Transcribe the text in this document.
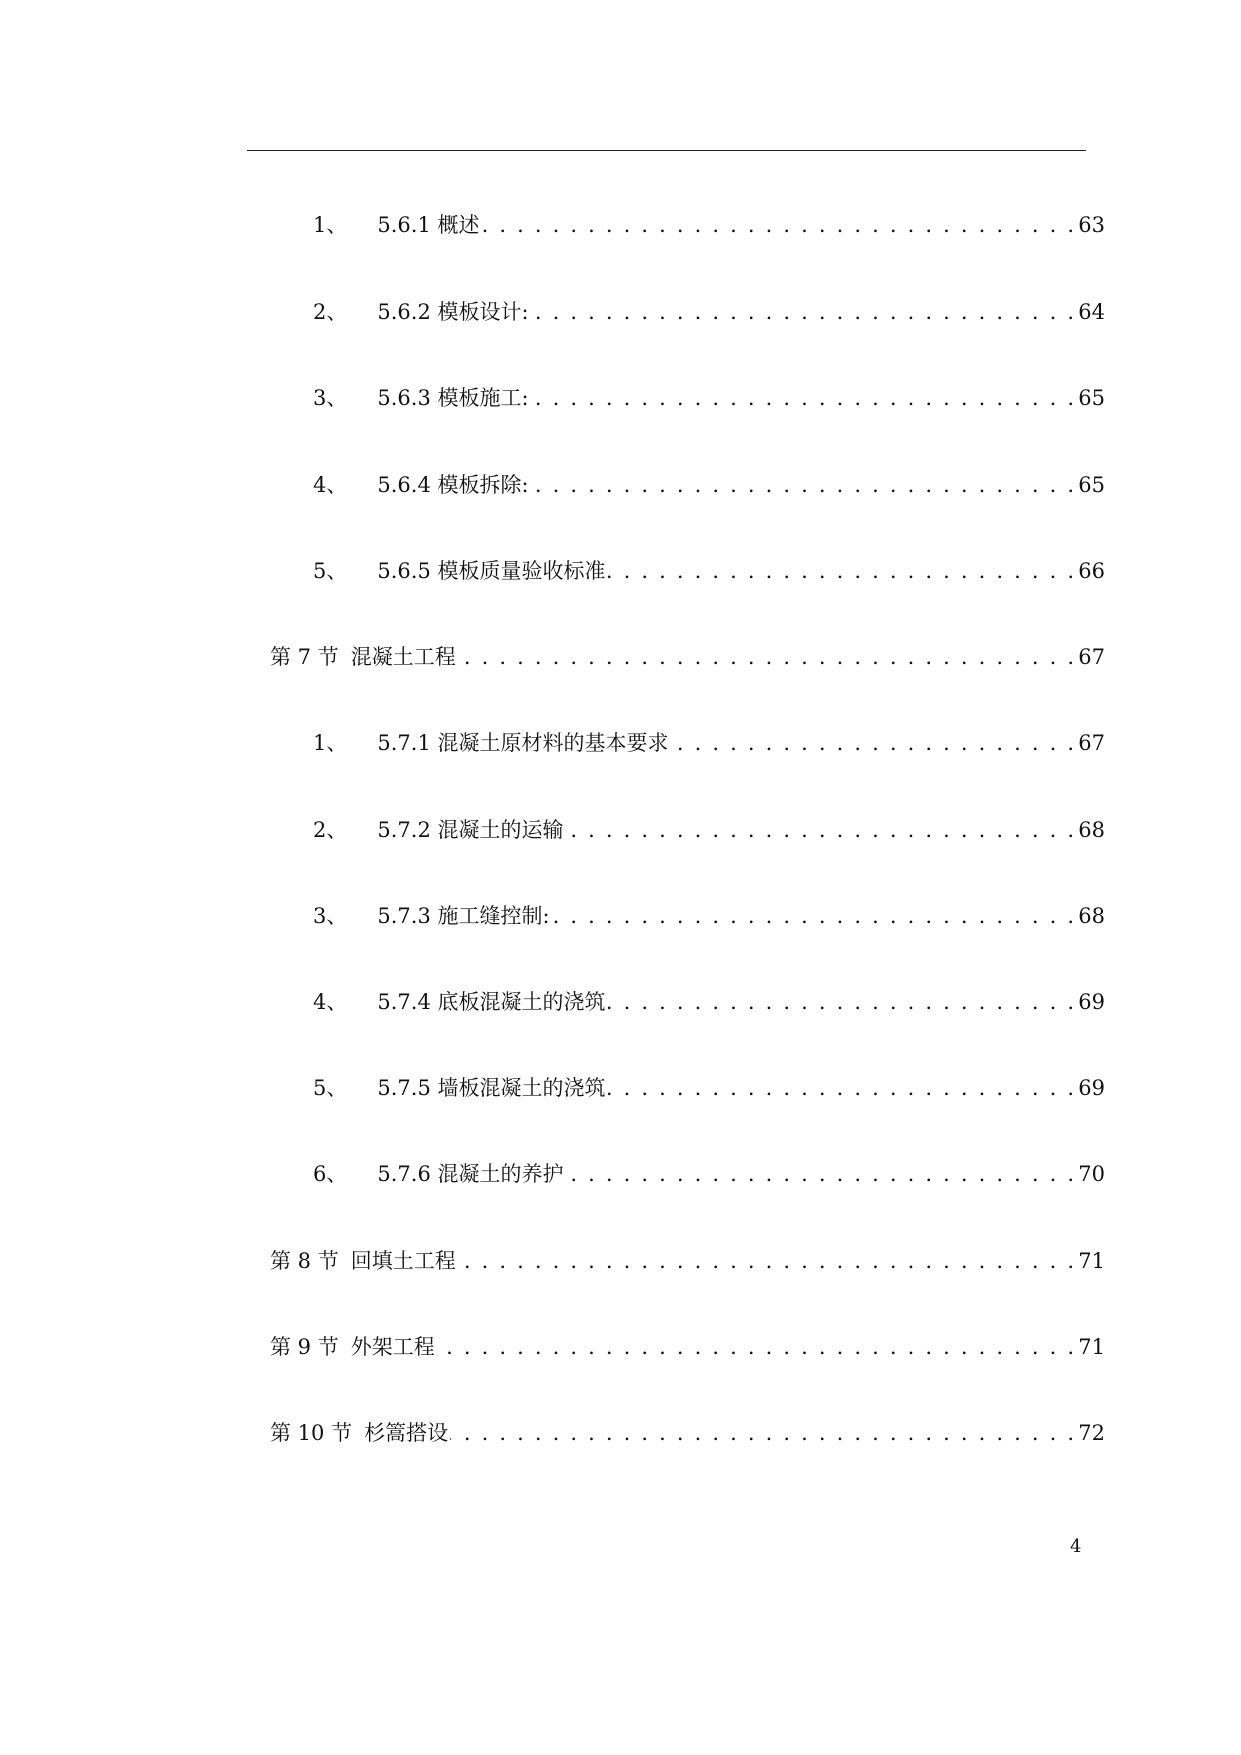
1、 5.6.1 概述 . . .	63
2、 5.6.2 模板设计: . . .	64
3、 5.6.3 模板施工: . . .	65
4、 5.6.4 模板拆除: . . .	65
5、 5.6.5 模板质量验收标准 . . .	66
第 7 节 混凝土工程 . . .	67
1、 5.7.1 混凝土原材料的基本要求 . . .	67
2、 5.7.2 混凝土的运输 . . .	68
3、 5.7.3 施工缝控制: . . .	68
4、 5.7.4 底板混凝土的浇筑 . . .	69
5、 5.7.5 墙板混凝土的浇筑 . . .	69
6、 5.7.6 混凝土的养护 . . .	70
第 8 节 回填土工程 . . .	71
第 9 节 外架工程 . . .	71
第 10 节 杉篙搭设 . . .	72
4
